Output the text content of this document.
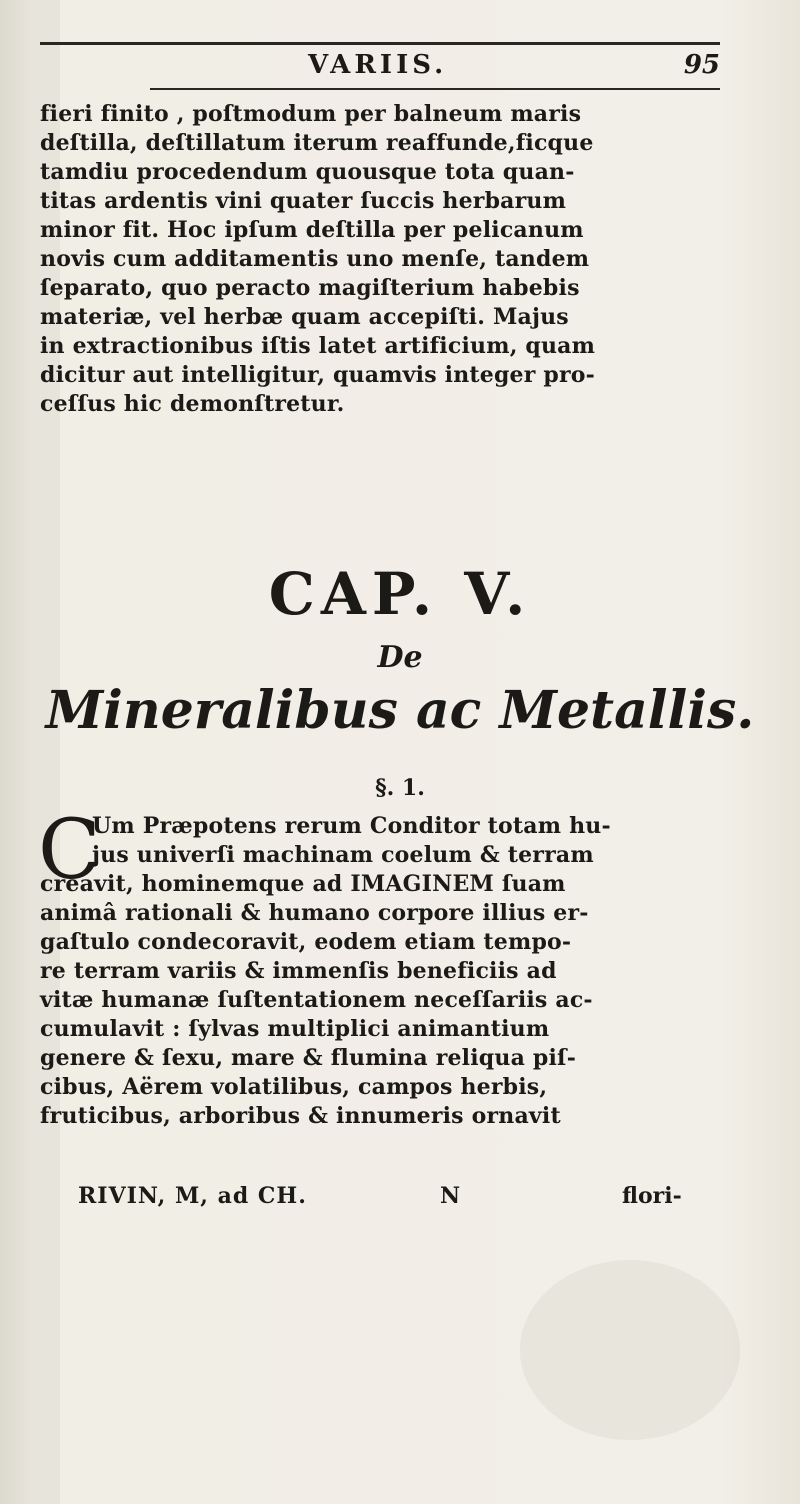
VARIIS.	95
fieri finito , poſtmodum per balneum maris
deſtilla, deſtillatum iterum reaffunde,ficque
tamdiu procedendum quousque tota quan-
titas ardentis vini quater ſuccis herbarum
minor fit. Hoc ipſum deſtilla per pelicanum
novis cum additamentis uno menſe, tandem
ſeparato, quo peracto magiſterium habebis
materiæ, vel herbæ quam accepiſti. Majus
in extractionibus iſtis latet artificium, quam
dicitur aut intelligitur, quamvis integer pro-
ceſſus hic demonſtretur.
CAP. V.
De
Mineralibus ac Metallis.
§. 1.
C
Um Præpotens rerum Conditor totam hu-
jus univerſi machinam coelum & terram
creavit, hominemque ad IMAGINEM ſuam
animâ rationali & humano corpore illius er-
gaſtulo condecoravit, eodem etiam tempo-
re terram variis & immenſis beneficiis ad
vitæ humanæ ſuſtentationem neceſſariis ac-
cumulavit : ſylvas multiplici animantium
genere & ſexu, mare & flumina reliqua piſ-
cibus, Aërem volatilibus, campos herbis,
fruticibus, arboribus & innumeris ornavit
RIVIN, M, ad CH.	N	flori-
